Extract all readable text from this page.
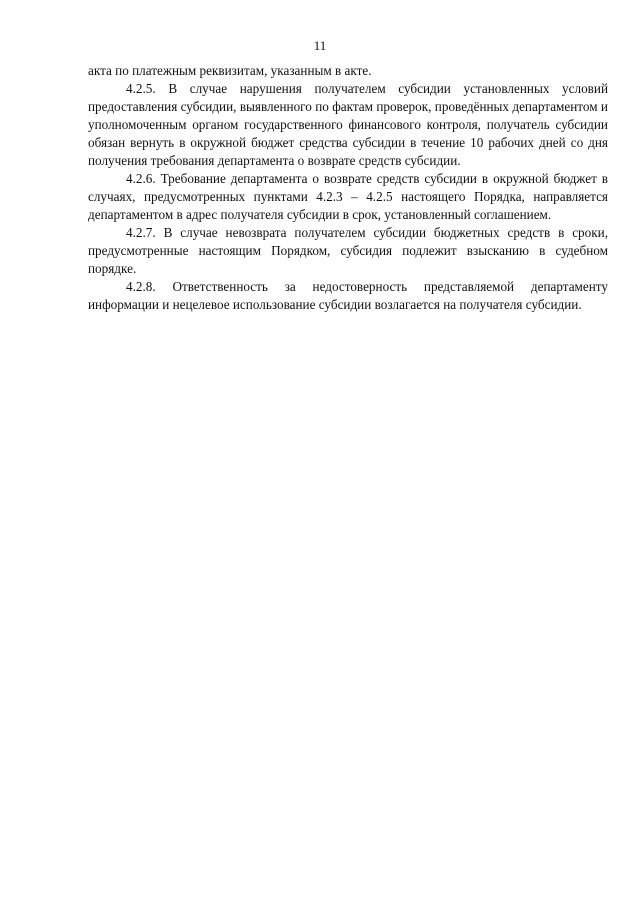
11

акта по платежным реквизитам, указанным в акте.

4.2.5. В случае нарушения получателем субсидии установленных условий предоставления субсидии, выявленного по фактам проверок, проведённых департаментом и уполномоченным органом государственного финансового контроля, получатель субсидии обязан вернуть в окружной бюджет средства субсидии в течение 10 рабочих дней со дня получения требования департамента о возврате средств субсидии.

4.2.6. Требование департамента о возврате средств субсидии в окружной бюджет в случаях, предусмотренных пунктами 4.2.3 – 4.2.5 настоящего Порядка, направляется департаментом в адрес получателя субсидии в срок, установленный соглашением.

4.2.7. В случае невозврата получателем субсидии бюджетных средств в сроки, предусмотренные настоящим Порядком, субсидия подлежит взысканию в судебном порядке.

4.2.8. Ответственность за недостоверность представляемой департаменту информации и нецелевое использование субсидии возлагается на получателя субсидии.
